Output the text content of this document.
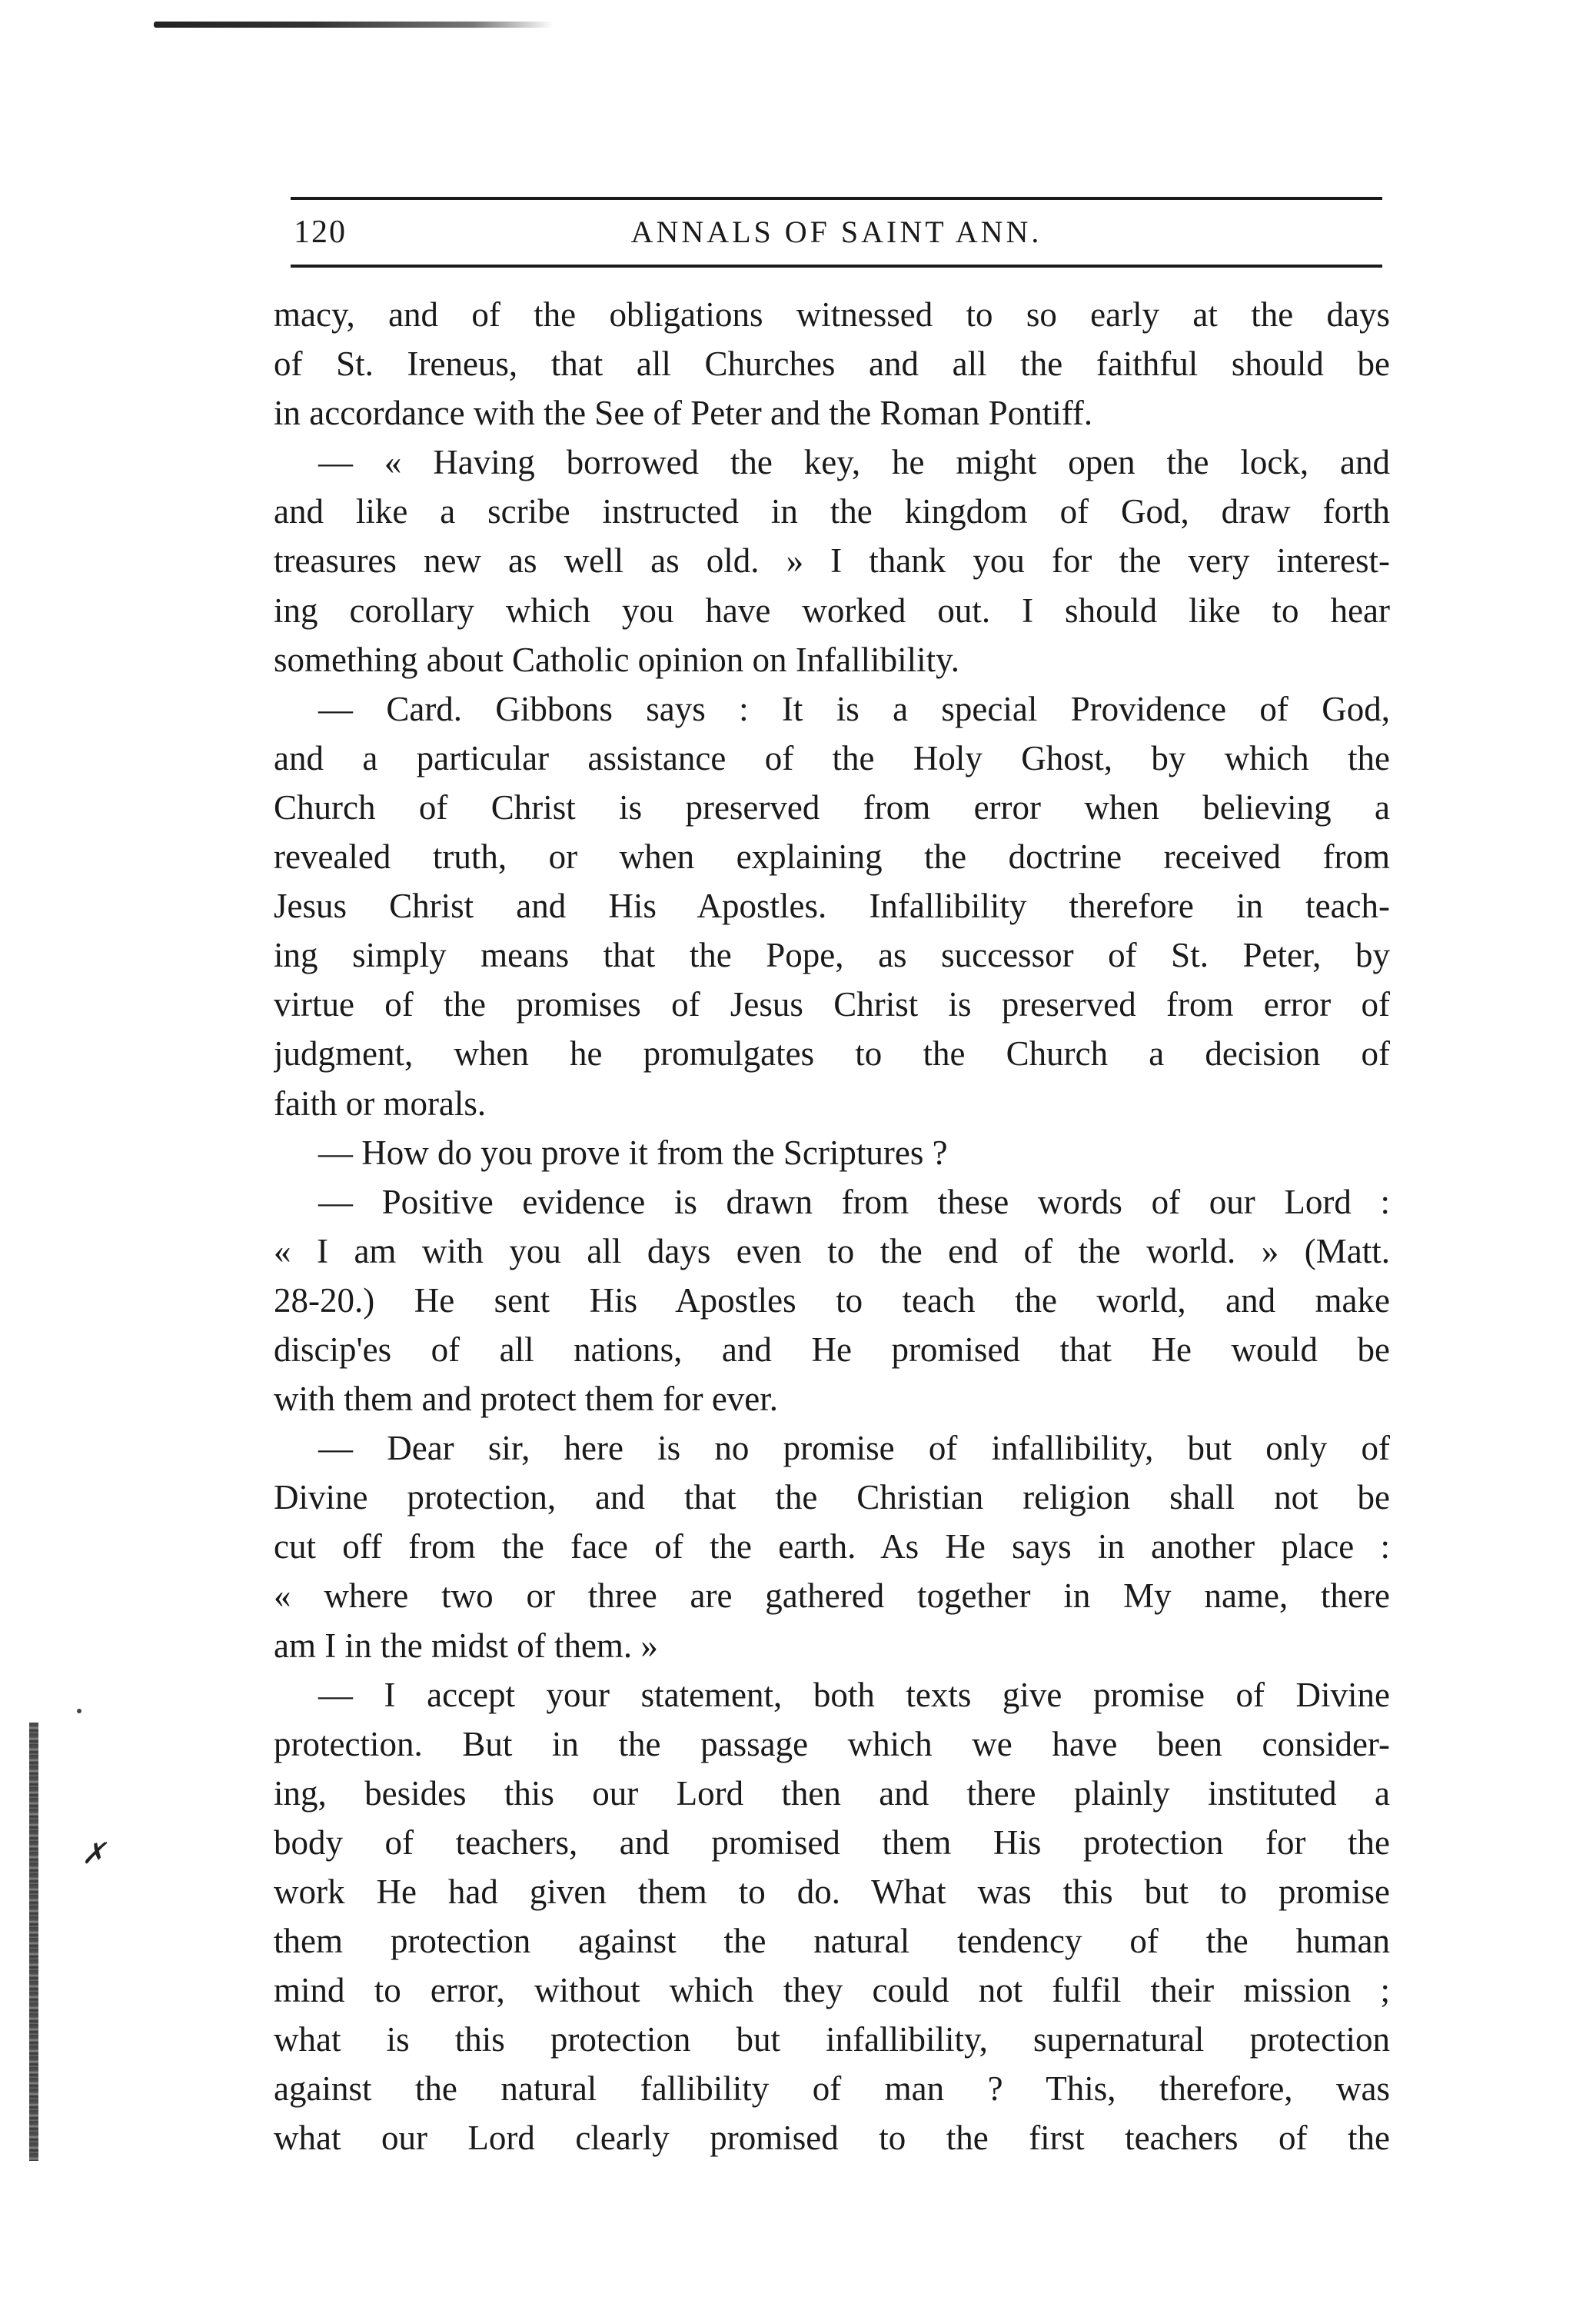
120	ANNALS OF SAINT ANN.
macy, and of the obligations witnessed to so early at the days
of St. Ireneus, that all Churches and all the faithful should be
in accordance with the See of Peter and the Roman Pontiff.
— « Having borrowed the key, he might open the lock, and
and like a scribe instructed in the kingdom of God, draw forth
treasures new as well as old. » I thank you for the very interest-
ing corollary which you have worked out. I should like to hear
something about Catholic opinion on Infallibility.
— Card. Gibbons says : It is a special Providence of God,
and a particular assistance of the Holy Ghost, by which the
Church of Christ is preserved from error when believing a
revealed truth, or when explaining the doctrine received from
Jesus Christ and His Apostles. Infallibility therefore in teach-
ing simply means that the Pope, as successor of St. Peter, by
virtue of the promises of Jesus Christ is preserved from error of
judgment, when he promulgates to the Church a decision of
faith or morals.
— How do you prove it from the Scriptures ?
— Positive evidence is drawn from these words of our Lord :
« I am with you all days even to the end of the world. » (Matt.
28-20.) He sent His Apostles to teach the world, and make
discip'es of all nations, and He promised that He would be
with them and protect them for ever.
— Dear sir, here is no promise of infallibility, but only of
Divine protection, and that the Christian religion shall not be
cut off from the face of the earth. As He says in another place :
« where two or three are gathered together in My name, there
am I in the midst of them. »
— I accept your statement, both texts give promise of Divine
protection. But in the passage which we have been consider-
ing, besides this our Lord then and there plainly instituted a
body of teachers, and promised them His protection for the
work He had given them to do. What was this but to promise
them protection against the natural tendency of the human
mind to error, without which they could not fulfil their mission ;
what is this protection but infallibility, supernatural protection
against the natural fallibility of man ? This, therefore, was
what our Lord clearly promised to the first teachers of the
✗
